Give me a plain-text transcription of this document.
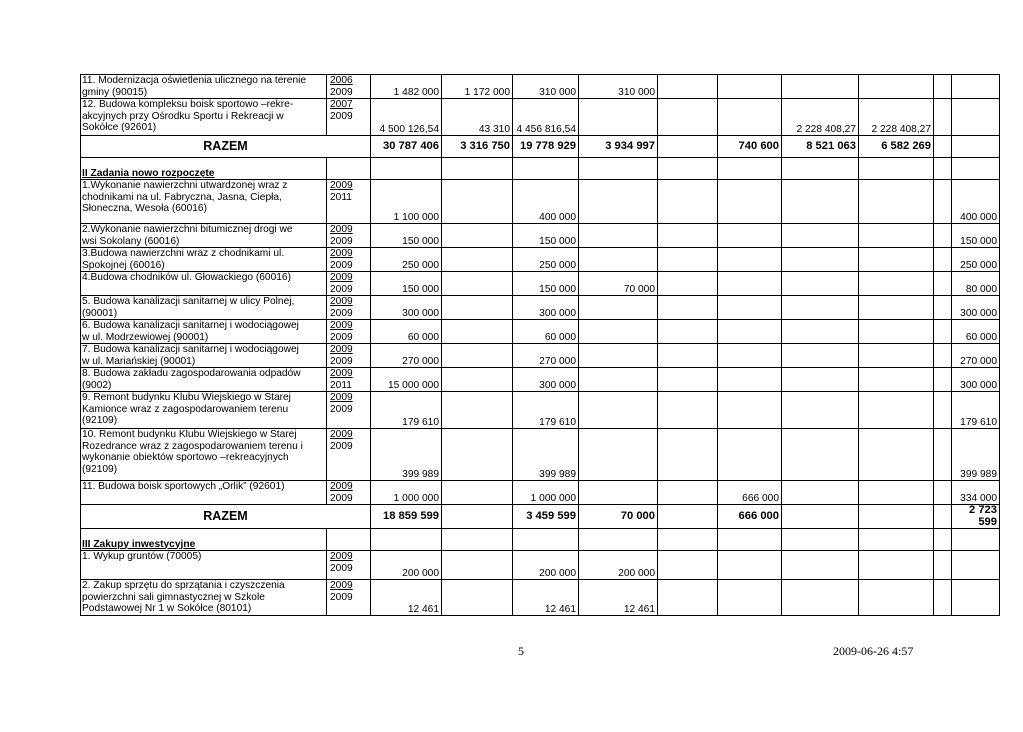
11. Modernizacja oświetlenia ulicznego na terenie
gminy (90015)	2006
2009	1 482 000	1 172 000	310 000	310 000						

12. Budowa kompleksu boisk sportowo –rekre-
akcyjnych przy Ośrodku Sportu i Rekreacji w
Sokółce (92601)	2007
2009	4 500 126,54	43 310	4 456 816,54				2 228 408,27	2 228 408,27		
RAZEM		30 787 406	3 316 750	19 778 929	3 934 997		740 600	8 521 063	6 582 269		

II Zadania nowo rozpoczęte											

1.Wykonanie nawierzchni utwardzonej wraz z
chodnikami na ul. Fabryczna, Jasna, Ciepła,
Słoneczna, Wesoła (60016)	2009
2011	1 100 000		400 000							400 000

2.Wykonanie nawierzchni bitumicznej drogi we
wsi Sokolany (60016)	2009
2009	150 000		150 000							150 000

3.Budowa nawierzchni wraz z chodnikami ul.
Spokojnej (60016)	2009
2009	250 000		250 000							250 000

4.Budowa chodników ul. Głowackiego (60016)	2009
2009	150 000		150 000	70 000						80 000

5. Budowa kanalizacji sanitarnej w ulicy Polnej,
(90001)	2009
2009	300 000		300 000							300 000

6. Budowa kanalizacji sanitarnej i wodociągowej
w ul. Modrzewiowej (90001)	2009
2009	60 000		60 000							60 000

7. Budowa kanalizacji sanitarnej i wodociągowej
w ul. Mariańskiej (90001)	2009
2009	270 000		270 000							270 000

8. Budowa zakładu zagospodarowania odpadów
(9002)	2009
2011	15 000 000		300 000							300 000

9. Remont budynku Klubu Wiejskiego w Starej
Kamionce wraz z zagospodarowaniem terenu
(92109)	2009
2009	179 610		179 610							179 610

10. Remont budynku Klubu Wiejskiego w Starej
Rozedrance wraz z zagospodarowaniem terenu i
wykonanie obiektów sportowo –rekreacyjnych
(92109)	2009
2009	399 989		399 989							399 989

11. Budowa boisk sportowych „Orlik” (92601)	2009
2009	1 000 000		1 000 000			666 000				334 000
RAZEM		18 859 599		3 459 599	70 000		666 000				2 723 599

III Zakupy inwestycyjne											

1. Wykup gruntów (70005)	2009
2009	200 000		200 000	200 000						

2. Zakup sprzętu do sprzątania i czyszczenia
powierzchni sali gimnastycznej w Szkole
Podstawowej Nr 1 w Sokółce (80101)	2009
2009	12 461		12 461	12 461						
5	2009-06-26 4:57
